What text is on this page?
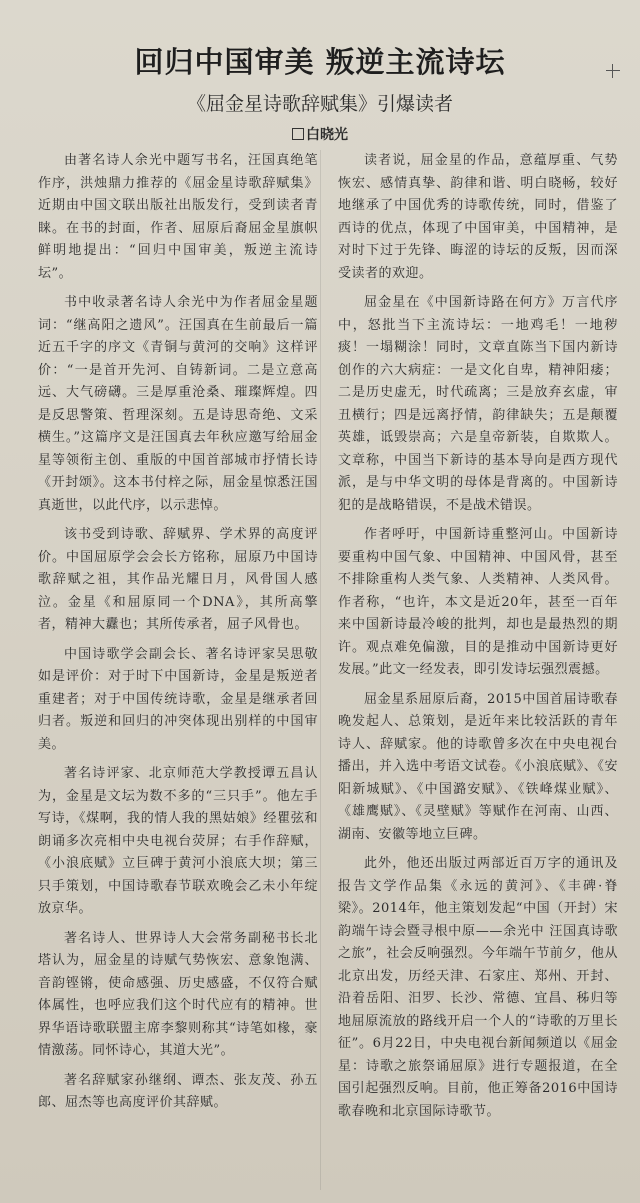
回归中国审美 叛逆主流诗坛
《屈金星诗歌辞赋集》引爆读者
白晓光

由著名诗人余光中题写书名，汪国真绝笔作序，洪烛鼎力推荐的《屈金星诗歌辞赋集》近期由中国文联出版社出版发行，受到读者青睐。在书的封面，作者、屈原后裔屈金星旗帜鲜明地提出：“回归中国审美，叛逆主流诗坛”。

书中收录著名诗人余光中为作者屈金星题词：“继高阳之遗风”。汪国真在生前最后一篇近五千字的序文《青铜与黄河的交响》这样评价：“一是首开先河、自铸新词。二是立意高远、大气磅礴。三是厚重沧桑、璀璨辉煌。四是反思警策、哲理深刻。五是诗思奇绝、文采横生。”这篇序文是汪国真去年秋应邀写给屈金星等领衔主创、重版的中国首部城市抒情长诗《开封颂》。这本书付梓之际，屈金星惊悉汪国真逝世，以此代序，以示悲悼。

该书受到诗歌、辞赋界、学术界的高度评价。中国屈原学会会长方铭称，屈原乃中国诗歌辞赋之祖，其作品光耀日月，风骨国人感泣。金星《和屈原同一个DNA》，其所高擎者，精神大纛也；其所传承者，屈子风骨也。

中国诗歌学会副会长、著名诗评家吴思敬如是评价：对于时下中国新诗，金星是叛逆者重建者；对于中国传统诗歌，金星是继承者回归者。叛逆和回归的冲突体现出别样的中国审美。

著名诗评家、北京师范大学教授谭五昌认为，金星是文坛为数不多的“三只手”。他左手写诗，《煤啊，我的情人我的黑姑娘》经瞿弦和朗诵多次亮相中央电视台荧屏；右手作辞赋，《小浪底赋》立巨碑于黄河小浪底大坝；第三只手策划，中国诗歌春节联欢晚会乙未小年绽放京华。

著名诗人、世界诗人大会常务副秘书长北塔认为，屈金星的诗赋气势恢宏、意象饱满、音韵铿锵，使命感强、历史感盛，不仅符合赋体属性，也呼应我们这个时代应有的精神。世界华语诗歌联盟主席李黎则称其“诗笔如椽，豪情激荡。同怀诗心，其道大光”。

著名辞赋家孙继纲、谭杰、张友茂、孙五郎、屈杰等也高度评价其辞赋。

读者说，屈金星的作品，意蕴厚重、气势恢宏、感情真挚、韵律和谐、明白晓畅，较好地继承了中国优秀的诗歌传统，同时，借鉴了西诗的优点，体现了中国审美，中国精神，是对时下过于先锋、晦涩的诗坛的反叛，因而深受读者的欢迎。

屈金星在《中国新诗路在何方》万言代序中，怒批当下主流诗坛：一地鸡毛！一地秽痰！一塌糊涂！同时，文章直陈当下国内新诗创作的六大病症：一是文化自卑，精神阳痿；二是历史虚无，时代疏离；三是放弃玄虚，审丑横行；四是远离抒情，韵律缺失；五是颠覆英雄，诋毁崇高；六是皇帝新装，自欺欺人。文章称，中国当下新诗的基本导向是西方现代派，是与中华文明的母体是背离的。中国新诗犯的是战略错误，不是战术错误。

作者呼吁，中国新诗重整河山。中国新诗要重构中国气象、中国精神、中国风骨，甚至不排除重构人类气象、人类精神、人类风骨。作者称，“也许，本文是近20年，甚至一百年来中国新诗最冷峻的批判，却也是最热烈的期许。观点难免偏激，目的是推动中国新诗更好发展。”此文一经发表，即引发诗坛强烈震撼。

屈金星系屈原后裔，2015中国首届诗歌春晚发起人、总策划，是近年来比较活跃的青年诗人、辞赋家。他的诗歌曾多次在中央电视台播出，并入选中考语文试卷。《小浪底赋》、《安阳新城赋》、《中国潞安赋》、《铁峰煤业赋》、《雄鹰赋》、《灵壁赋》等赋作在河南、山西、湖南、安徽等地立巨碑。

此外，他还出版过两部近百万字的通讯及报告文学作品集《永远的黄河》、《丰碑·脊梁》。2014年，他主策划发起“中国（开封）宋韵端午诗会暨寻根中原——余光中 汪国真诗歌之旅”，社会反响强烈。今年端午节前夕，他从北京出发，历经天津、石家庄、郑州、开封、沿着岳阳、汨罗、长沙、常德、宜昌、秭归等地屈原流放的路线开启一个人的“诗歌的万里长征”。6月22日，中央电视台新闻频道以《屈金星：诗歌之旅祭诵屈原》进行专题报道，在全国引起强烈反响。目前，他正筹备2016中国诗歌春晚和北京国际诗歌节。
